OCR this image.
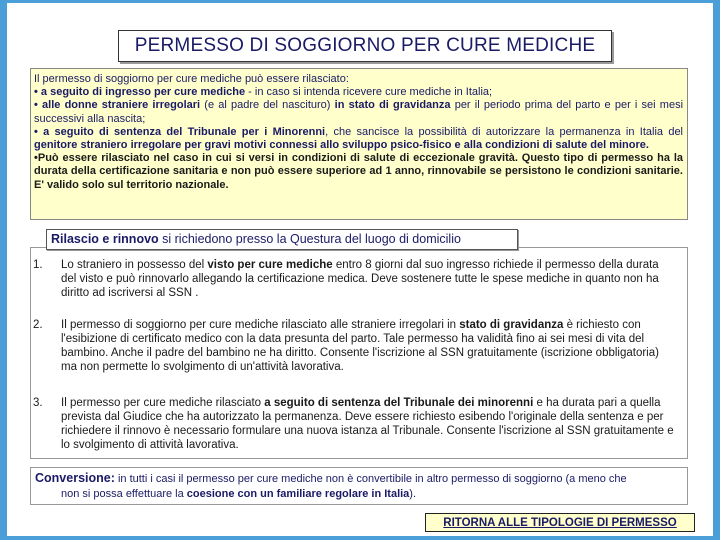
PERMESSO DI SOGGIORNO PER CURE MEDICHE

Il permesso di soggiorno per cure mediche può essere rilasciato:

• a seguito di ingresso per cure mediche - in caso si intenda ricevere cure mediche in Italia;

• alle donne straniere irregolari (e al padre del nascituro) in stato di gravidanza per il periodo prima del parto e per i sei mesi successivi alla nascita;

• a seguito di sentenza del Tribunale per i Minorenni, che sancisce la possibilità di autorizzare la permanenza in Italia del genitore straniero irregolare per gravi motivi connessi allo sviluppo psico-fisico e alla condizioni di salute del minore.

•Può essere rilasciato nel caso in cui si versi in condizioni di salute di eccezionale gravità. Questo tipo di permesso ha la durata della certificazione sanitaria e non può essere superiore ad 1 anno, rinnovabile se persistono le condizioni sanitarie. E' valido solo sul territorio nazionale.

Rilascio e rinnovo si richiedono presso la Questura del luogo di domicilio
1. Lo straniero in possesso del visto per cure mediche entro 8 giorni dal suo ingresso richiede il permesso della durata del visto e può rinnovarlo allegando la certificazione medica. Deve sostenere tutte le spese mediche in quanto non ha diritto ad iscriversi al SSN .
2. Il permesso di soggiorno per cure mediche rilasciato alle straniere irregolari in stato di gravidanza è richiesto con l'esibizione di certificato medico con la data presunta del parto. Tale permesso ha validità fino ai sei mesi di vita del bambino. Anche il padre del bambino ne ha diritto. Consente l'iscrizione al SSN gratuitamente (iscrizione obbligatoria) ma non permette lo svolgimento di un'attività lavorativa.
3. Il permesso per cure mediche rilasciato a seguito di sentenza del Tribunale dei minorenni e ha durata pari a quella prevista dal Giudice che ha autorizzato la permanenza. Deve essere richiesto esibendo l'originale della sentenza e per richiedere il rinnovo è necessario formulare una nuova istanza al Tribunale. Consente l'iscrizione al SSN gratuitamente e lo svolgimento di attività lavorativa.
Conversione: in tutti i casi il permesso per cure mediche non è convertibile in altro permesso di soggiorno (a meno che
non si possa effettuare la coesione con un familiare regolare in Italia).
RITORNA ALLE TIPOLOGIE DI PERMESSO
